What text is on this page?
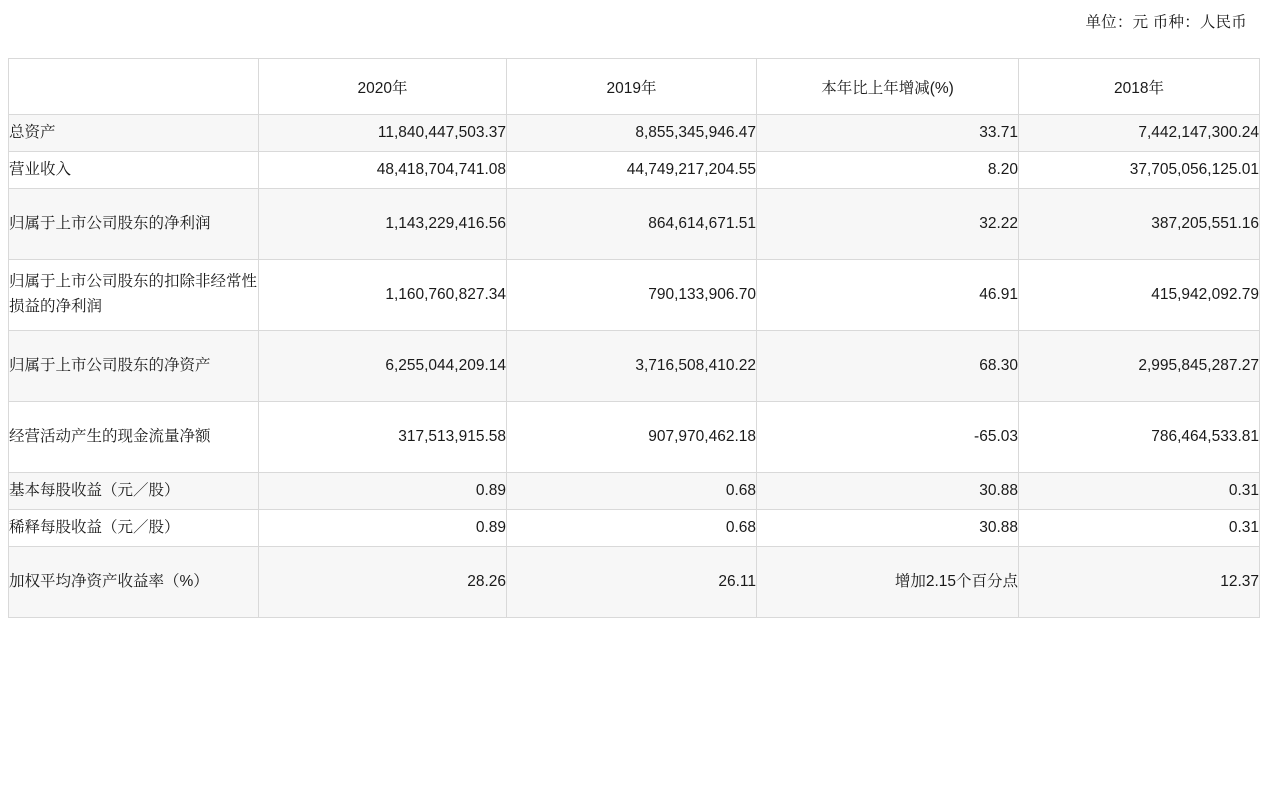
单位：元 币种：人民币
	2020年	2019年	本年比上年增减(%)	2018年
总资产	11,840,447,503.37	8,855,345,946.47	33.71	7,442,147,300.24
营业收入	48,418,704,741.08	44,749,217,204.55	8.20	37,705,056,125.01
归属于上市公司股东的净利润	1,143,229,416.56	864,614,671.51	32.22	387,205,551.16
归属于上市公司股东的扣除非经常性损益的净利润	1,160,760,827.34	790,133,906.70	46.91	415,942,092.79
归属于上市公司股东的净资产	6,255,044,209.14	3,716,508,410.22	68.30	2,995,845,287.27
经营活动产生的现金流量净额	317,513,915.58	907,970,462.18	-65.03	786,464,533.81
基本每股收益（元／股）	0.89	0.68	30.88	0.31
稀释每股收益（元／股）	0.89	0.68	30.88	0.31
加权平均净资产收益率（%）	28.26	26.11	增加2.15个百分点	12.37
